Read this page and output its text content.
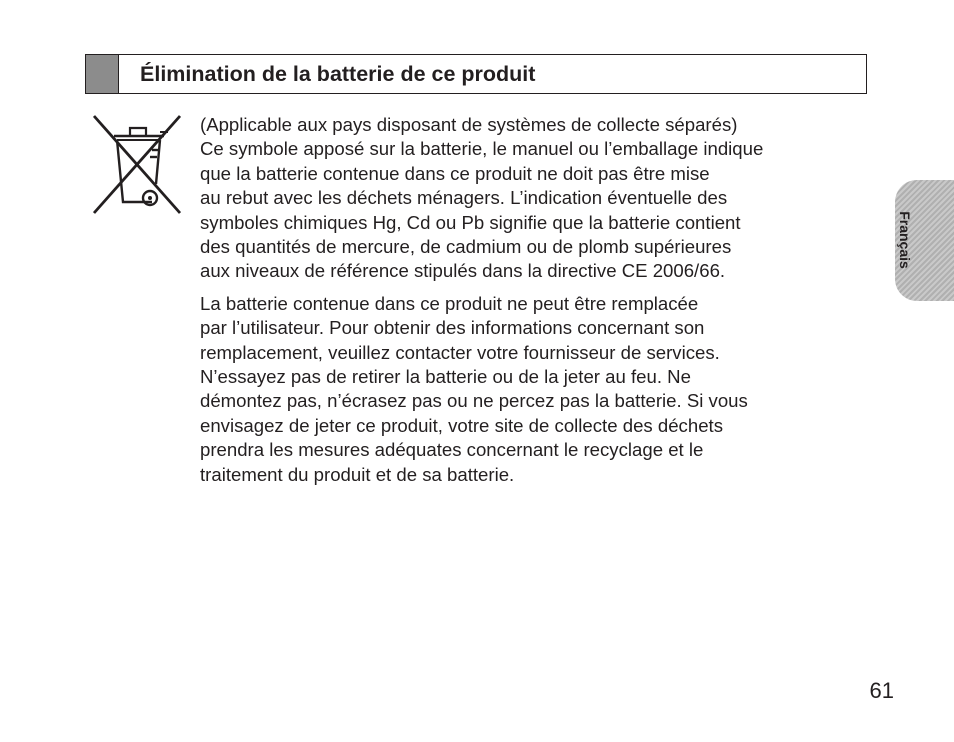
Élimination de la batterie de ce produit

(Applicable aux pays disposant de systèmes de collecte séparés)
Ce symbole apposé sur la batterie, le manuel ou l’emballage indique
que la batterie contenue dans ce produit ne doit pas être mise
au rebut avec les déchets ménagers. L’indication éventuelle des
symboles chimiques Hg, Cd ou Pb signifie que la batterie contient
des quantités de mercure, de cadmium ou de plomb supérieures
aux niveaux de référence stipulés dans la directive CE 2006/66.

La batterie contenue dans ce produit ne peut être remplacée
par l’utilisateur. Pour obtenir des informations concernant son
remplacement, veuillez contacter votre fournisseur de services.
N’essayez pas de retirer la batterie ou de la jeter au feu. Ne
démontez pas, n’écrasez pas ou ne percez pas la batterie. Si vous
envisagez de jeter ce produit, votre site de collecte des déchets
prendra les mesures adéquates concernant le recyclage et le
traitement du produit et de sa batterie.

Français
61
